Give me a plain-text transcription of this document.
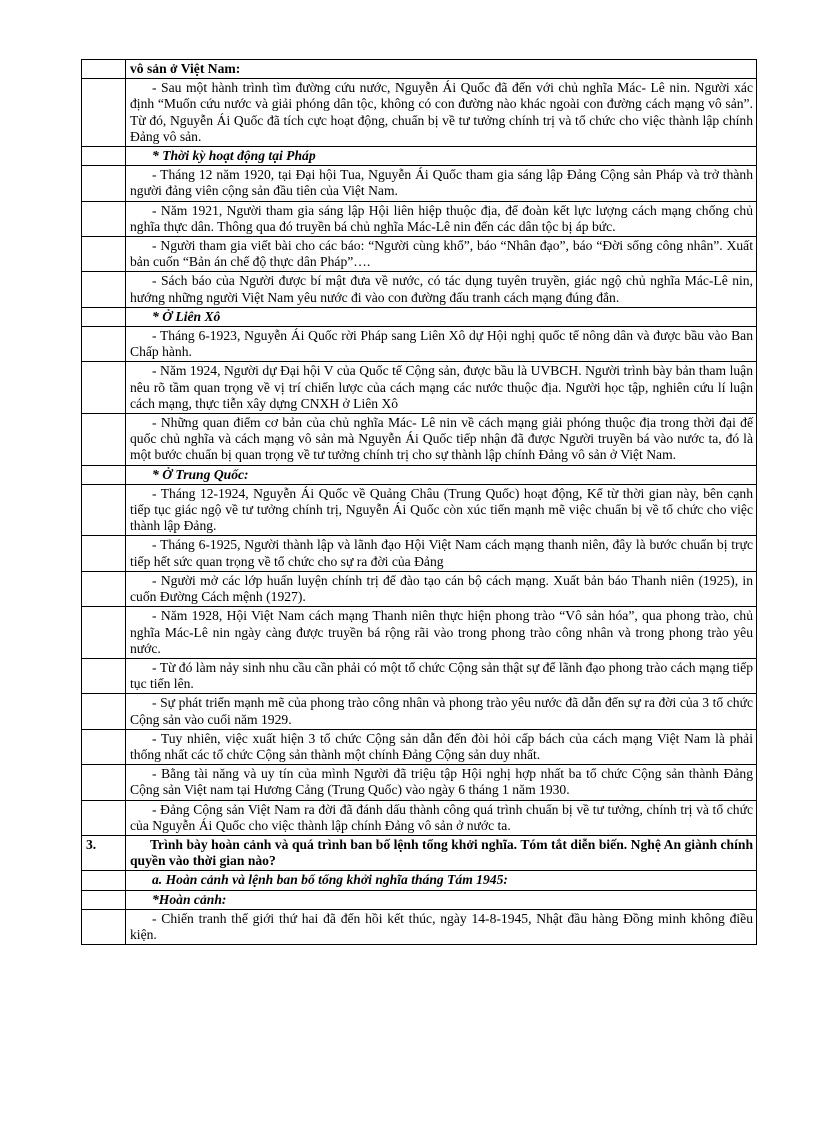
	vô sản ở Việt Nam:
	- Sau một hành trình tìm đường cứu nước, Nguyễn Ái Quốc đã đến với chủ nghĩa Mác- Lê nin. Người xác định “Muốn cứu nước và giải phóng dân tộc, không có con đường nào khác ngoài con đường cách mạng vô sản”. Từ đó, Nguyễn Ái Quốc đã tích cực hoạt động, chuẩn bị về tư tưởng chính trị và tổ chức cho việc thành lập chính Đảng vô sản.
	* Thời kỳ hoạt động tại Pháp
	- Tháng 12 năm 1920, tại Đại hội Tua, Nguyễn Ái Quốc tham gia sáng lập Đảng Cộng sản Pháp và trở thành người đảng viên cộng sản đầu tiên của Việt Nam.
	- Năm 1921, Người tham gia sáng lập Hội liên hiệp thuộc địa, để đoàn kết lực lượng cách mạng chống chủ nghĩa thực dân. Thông qua đó truyền bá chủ nghĩa Mác-Lê nin đến các dân tộc bị áp bức.
	- Người tham gia viết bài cho các báo: “Người cùng khổ”, báo “Nhân đạo”, báo “Đời sống công nhân”. Xuất bản cuốn “Bản án chế độ thực dân Pháp”….
	- Sách báo của Người được bí mật đưa về nước, có tác dụng tuyên truyền, giác ngộ chủ nghĩa Mác-Lê nin, hướng những người Việt Nam yêu nước đi vào con đường đấu tranh cách mạng đúng đắn.
	* Ở Liên Xô
	- Tháng 6-1923, Nguyễn Ái Quốc rời Pháp sang Liên Xô dự Hội nghị quốc tế nông dân và được bầu vào Ban Chấp hành.
	- Năm 1924, Người dự Đại hội V của Quốc tế Cộng sản, được bầu là UVBCH. Người trình bày bản tham luận nêu rõ tầm quan trọng về vị trí chiến lược của cách mạng các nước thuộc địa. Người học tập, nghiên cứu lí luận cách mạng, thực tiễn xây dựng CNXH ở Liên Xô
	- Những quan điểm cơ bản của chủ nghĩa Mác- Lê nin về cách mạng giải phóng thuộc địa trong thời đại đế quốc chủ nghĩa và cách mạng vô sản mà Nguyễn Ái Quốc tiếp nhận đã được Người truyền bá vào nước ta, đó là một bước chuẩn bị quan trọng về tư tưởng chính trị cho sự thành lập chính Đảng vô sản ở Việt Nam.
	* Ở Trung Quốc:
	- Tháng 12-1924, Nguyễn Ái Quốc về Quảng Châu (Trung Quốc) hoạt động, Kể từ thời gian này, bên cạnh tiếp tục giác ngộ về tư tưởng chính trị, Nguyễn Ái Quốc còn xúc tiến mạnh mẽ việc chuẩn bị về tổ chức cho việc thành lập Đảng.
	- Tháng 6-1925, Người thành lập và lãnh đạo Hội Việt Nam cách mạng thanh niên, đây là bước chuẩn bị trực tiếp hết sức quan trọng về tổ chức cho sự ra đời của Đảng
	- Người mở các lớp huấn luyện chính trị để đào tạo cán bộ cách mạng. Xuất bản báo Thanh niên (1925), in cuốn Đường Cách mệnh (1927).
	- Năm 1928, Hội Việt Nam cách mạng Thanh niên thực hiện phong trào “Vô sản hóa”, qua phong trào, chủ nghĩa Mác-Lê nin ngày càng được truyền bá rộng rãi vào trong phong trào công nhân và trong phong trào yêu nước.
	- Từ đó làm nảy sinh nhu cầu cần phải có một tổ chức Cộng sản thật sự để lãnh đạo phong trào cách mạng tiếp tục tiến lên.
	- Sự phát triển mạnh mẽ của phong trào công nhân và phong trào yêu nước đã dẫn đến sự ra đời của 3 tổ chức Cộng sản vào cuối năm 1929.
	- Tuy nhiên, việc xuất hiện 3 tổ chức Cộng sản dẫn đến đòi hỏi cấp bách của cách mạng Việt Nam là phải thống nhất các tổ chức Cộng sản thành một chính Đảng Cộng sản duy nhất.
	- Bằng tài năng và uy tín của mình Người đã triệu tập Hội nghị hợp nhất ba tổ chức Cộng sản thành Đảng Cộng sản Việt nam tại Hương Cảng (Trung Quốc) vào ngày 6 tháng 1 năm 1930.
	- Đảng Cộng sản Việt Nam ra đời đã đánh dấu thành công quá trình chuẩn bị về tư tưởng, chính trị và tổ chức của Nguyễn Ái Quốc cho việc thành lập chính Đảng vô sản ở nước ta.
3.	Trình bày hoàn cảnh và quá trình ban bố lệnh tổng khởi nghĩa. Tóm tắt diễn biến. Nghệ An giành chính quyền vào thời gian nào?
	a. Hoàn cảnh và lệnh ban bố tổng khởi nghĩa tháng Tám 1945:
	*Hoàn cảnh:
	- Chiến tranh thế giới thứ hai đã đến hồi kết thúc, ngày 14-8-1945, Nhật đầu hàng Đồng minh không điều kiện.
